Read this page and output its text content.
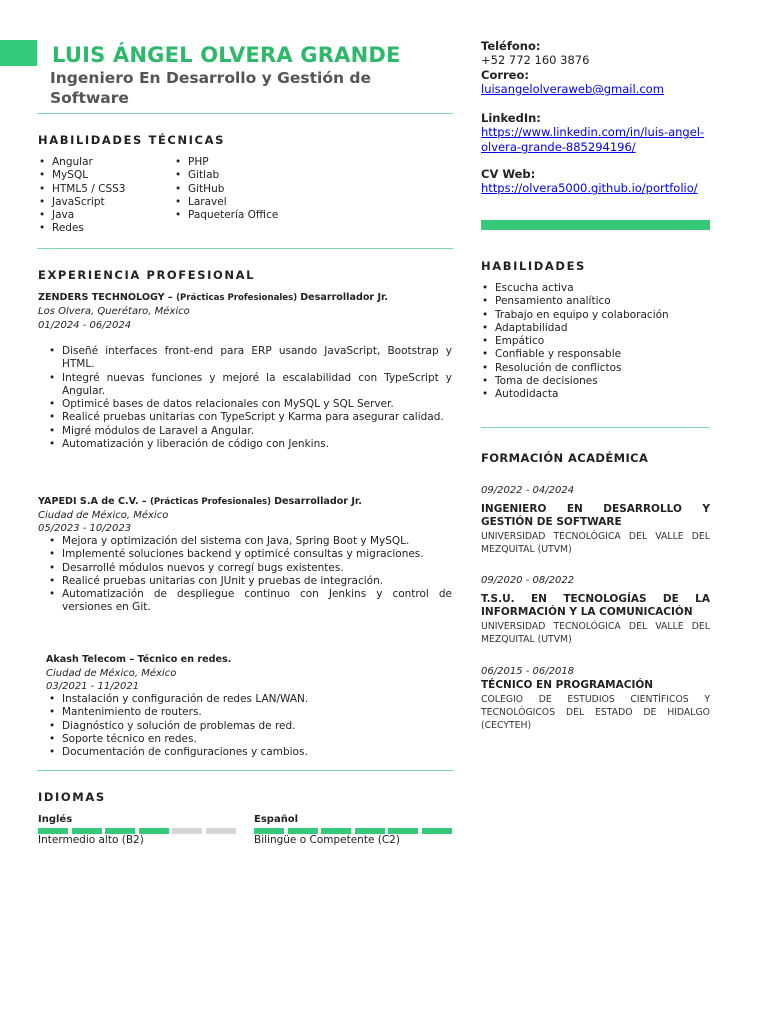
LUIS ÁNGEL OLVERA GRANDE
Ingeniero En Desarrollo y Gestión de Software
HABILIDADES TÉCNICAS
• Angular
• MySQL
• HTML5 / CSS3
• JavaScript
• Java
• Redes
• PHP
• Gitlab
• GitHub
• Laravel
• Paquetería Office
EXPERIENCIA PROFESIONAL
ZENDERS TECHNOLOGY – (Prácticas Profesionales) Desarrollador Jr.
Los Olvera, Querétaro, México
01/2024 - 06/2024
• Diseñé interfaces front-end para ERP usando JavaScript, Bootstrap y HTML.
• Integré nuevas funciones y mejoré la escalabilidad con TypeScript y Angular.
• Optimicé bases de datos relacionales con MySQL y SQL Server.
• Realicé pruebas unitarias con TypeScript y Karma para asegurar calidad.
• Migré módulos de Laravel a Angular.
• Automatización y liberación de código con Jenkins.
YAPEDI S.A de C.V. – (Prácticas Profesionales) Desarrollador Jr.
Ciudad de México, México
05/2023 - 10/2023
• Mejora y optimización del sistema con Java, Spring Boot y MySQL.
• Implementé soluciones backend y optimicé consultas y migraciones.
• Desarrollé módulos nuevos y corregí bugs existentes.
• Realicé pruebas unitarias con JUnit y pruebas de integración.
• Automatización de despliegue continuo con Jenkins y control de versiones en Git.
Akash Telecom – Técnico en redes.
Ciudad de México, México
03/2021 - 11/2021
• Instalación y configuración de redes LAN/WAN.
• Mantenimiento de routers.
• Diagnóstico y solución de problemas de red.
• Soporte técnico en redes.
• Documentación de configuraciones y cambios.
IDIOMAS
Inglés
Intermedio alto (B2)
Español
Bilingüe o Competente (C2)
Teléfono:
+52 772 160 3876
Correo:
luisangelolveraweb@gmail.com
LinkedIn:
https://www.linkedin.com/in/luis-angel-olvera-grande-885294196/
CV Web:
https://olvera5000.github.io/portfolio/
HABILIDADES
• Escucha activa
• Pensamiento analítico
• Trabajo en equipo y colaboración
• Adaptabilidad
• Empático
• Confiable y responsable
• Resolución de conflictos
• Toma de decisiones
• Autodidacta
FORMACIÓN ACADÉMICA
09/2022 - 04/2024
INGENIERO EN DESARROLLO Y GESTIÓN DE SOFTWARE
UNIVERSIDAD TECNOLÓGICA DEL VALLE DEL MEZQUITAL (UTVM)
09/2020 - 08/2022
T.S.U. EN TECNOLOGÍAS DE LA INFORMACIÓN Y LA COMUNICACIÓN
UNIVERSIDAD TECNOLÓGICA DEL VALLE DEL MEZQUITAL (UTVM)
06/2015 - 06/2018
TÉCNICO EN PROGRAMACIÓN
COLEGIO DE ESTUDIOS CIENTÍFICOS Y TECNOLÓGICOS DEL ESTADO DE HIDALGO (CECYTEH)
